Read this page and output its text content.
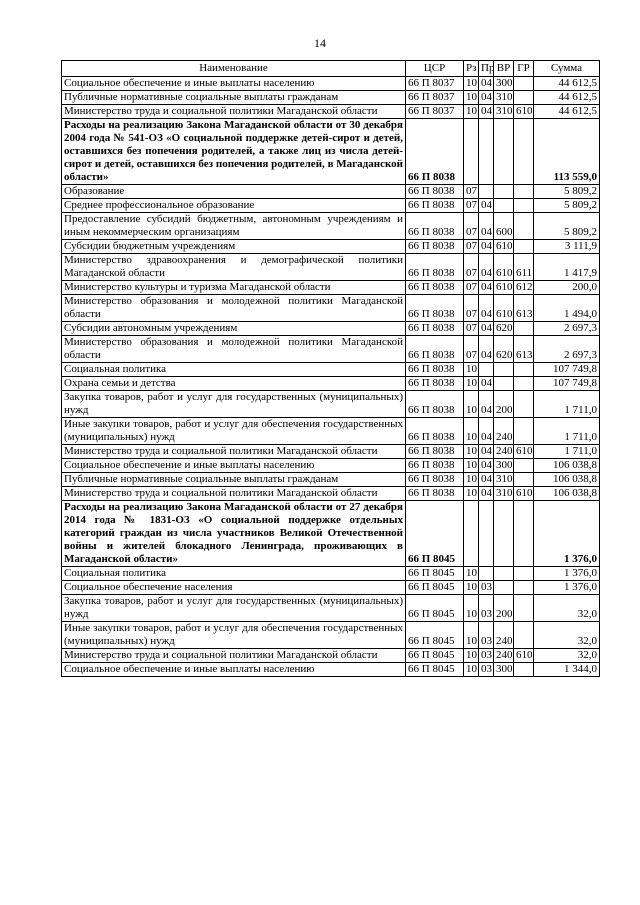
14
Наименование	ЦСР	Рз	Пр	ВР	ГР	Сумма
Социальное обеспечение и иные выплаты населению	66 П 8037	10	04	300		44 612,5
Публичные нормативные социальные выплаты гражданам	66 П 8037	10	04	310		44 612,5
Министерство труда и социальной политики Магаданской области	66 П 8037	10	04	310	610	44 612,5
Расходы на реализацию Закона Магаданской области от 30 декабря 2004 года № 541-ОЗ «О социальной поддержке детей-сирот и детей, оставшихся без попечения родителей, а также лиц из числа детей-сирот и детей, оставшихся без попечения родителей, в Магаданской области»	66 П 8038					113 559,0
Образование	66 П 8038	07				5 809,2
Среднее профессиональное образование	66 П 8038	07	04			5 809,2
Предоставление субсидий бюджетным, автономным учреждениям и иным некоммерческим организациям	66 П 8038	07	04	600		5 809,2
Субсидии бюджетным учреждениям	66 П 8038	07	04	610		3 111,9
Министерство здравоохранения и демографической политики Магаданской области	66 П 8038	07	04	610	611	1 417,9
Министерство культуры и туризма Магаданской области	66 П 8038	07	04	610	612	200,0
Министерство образования и молодежной политики Магаданской области	66 П 8038	07	04	610	613	1 494,0
Субсидии автономным учреждениям	66 П 8038	07	04	620		2 697,3
Министерство образования и молодежной политики Магаданской области	66 П 8038	07	04	620	613	2 697,3
Социальная политика	66 П 8038	10				107 749,8
Охрана семьи и детства	66 П 8038	10	04			107 749,8
Закупка товаров, работ и услуг для государственных (муниципальных) нужд	66 П 8038	10	04	200		1 711,0
Иные закупки товаров, работ и услуг для обеспечения государственных (муниципальных) нужд	66 П 8038	10	04	240		1 711,0
Министерство труда и социальной политики Магаданской области	66 П 8038	10	04	240	610	1 711,0
Социальное обеспечение и иные выплаты населению	66 П 8038	10	04	300		106 038,8
Публичные нормативные социальные выплаты гражданам	66 П 8038	10	04	310		106 038,8
Министерство труда и социальной политики Магаданской области	66 П 8038	10	04	310	610	106 038,8
Расходы на реализацию Закона Магаданской области от 27 декабря 2014 года № 1831-ОЗ «О социальной поддержке отдельных категорий граждан из числа участников Великой Отечественной войны и жителей блокадного Ленинграда, проживающих в Магаданской области»	66 П 8045					1 376,0
Социальная политика	66 П 8045	10				1 376,0
Социальное обеспечение населения	66 П 8045	10	03			1 376,0
Закупка товаров, работ и услуг для государственных (муниципальных) нужд	66 П 8045	10	03	200		32,0
Иные закупки товаров, работ и услуг для обеспечения государственных (муниципальных) нужд	66 П 8045	10	03	240		32,0
Министерство труда и социальной политики Магаданской области	66 П 8045	10	03	240	610	32,0
Социальное обеспечение и иные выплаты населению	66 П 8045	10	03	300		1 344,0
